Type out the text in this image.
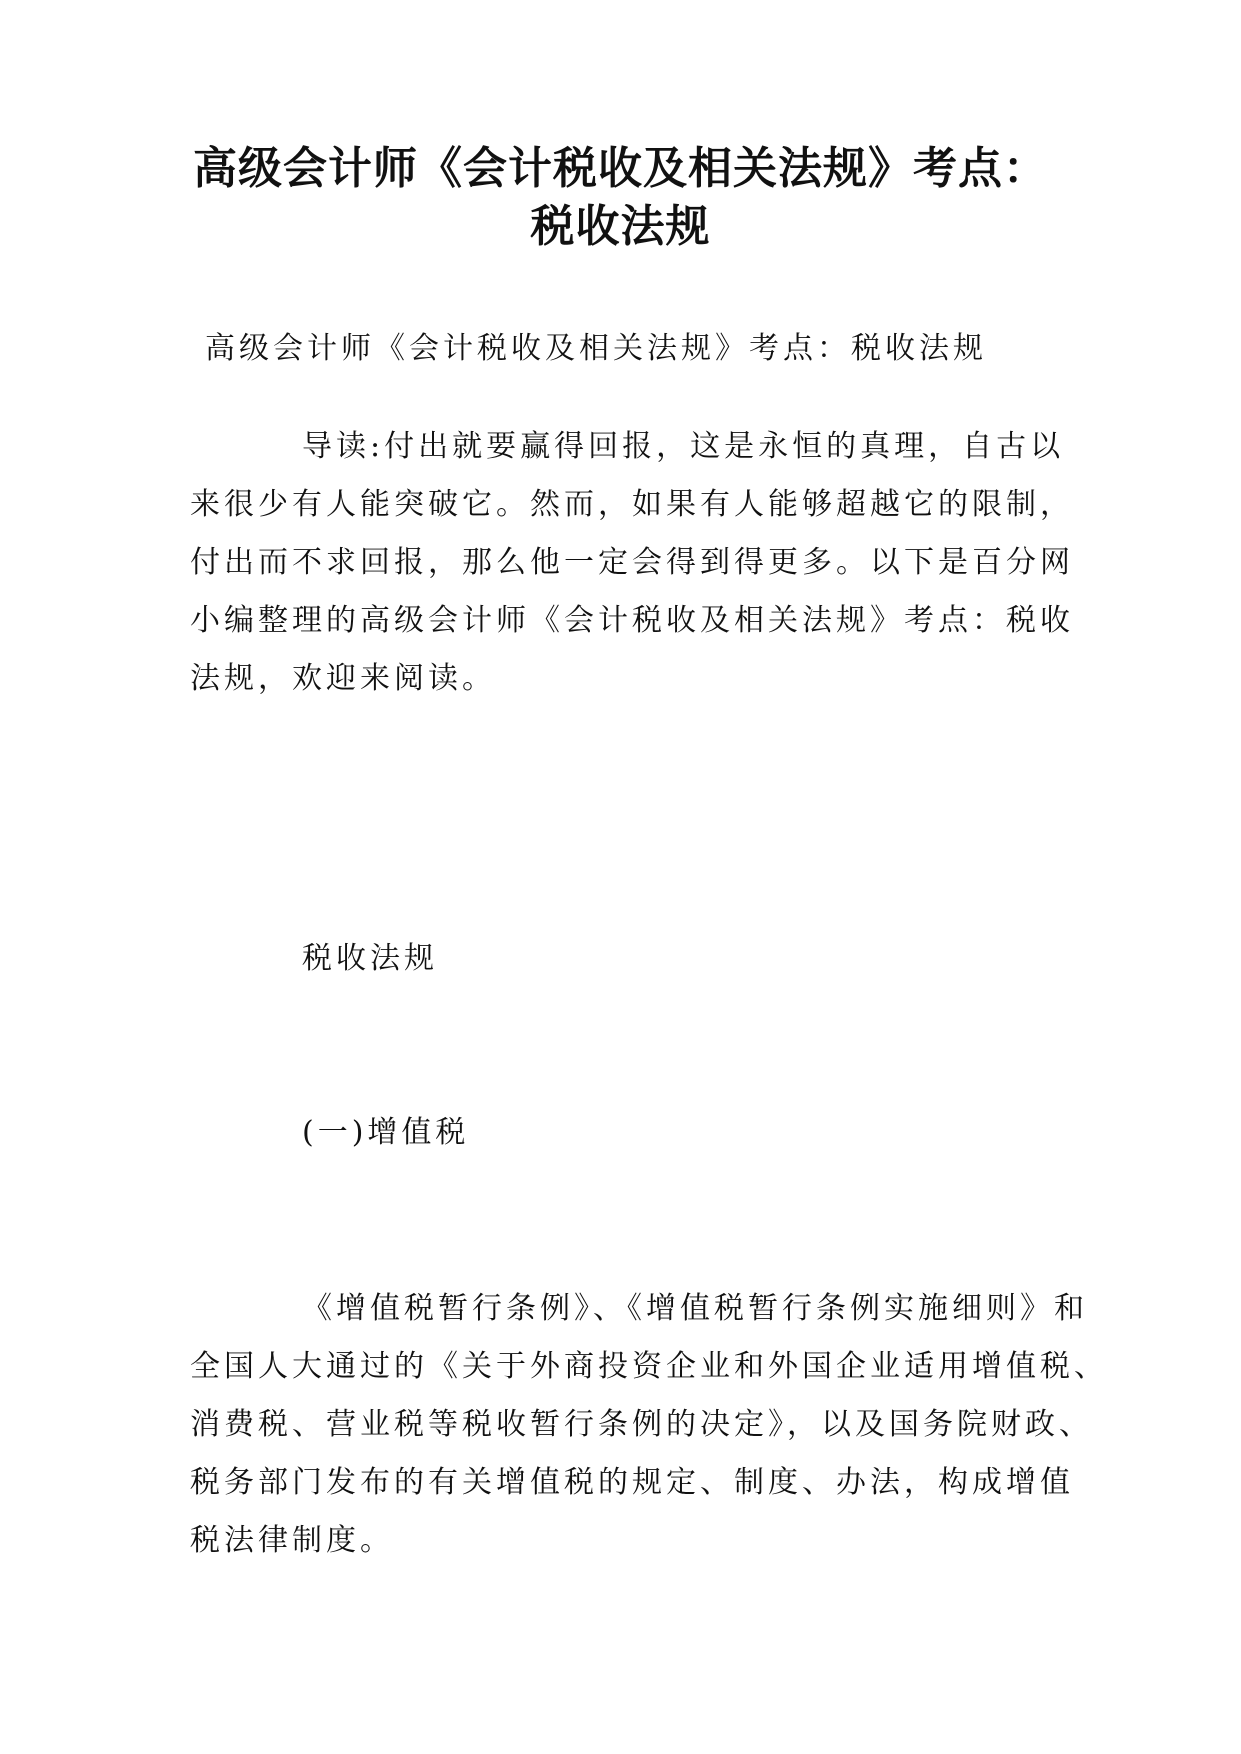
高级会计师《会计税收及相关法规》考点：
税收法规

高级会计师《会计税收及相关法规》考点：税收法规

导读:付出就要赢得回报，这是永恒的真理，自古以
来很少有人能突破它。然而，如果有人能够超越它的限制，
付出而不求回报，那么他一定会得到得更多。以下是百分网
小编整理的高级会计师《会计税收及相关法规》考点：税收
法规，欢迎来阅读。

税收法规

(一)增值税

《增值税暂行条例》、《增值税暂行条例实施细则》和
全国人大通过的《关于外商投资企业和外国企业适用增值税、
消费税、营业税等税收暂行条例的决定》，以及国务院财政、
税务部门发布的有关增值税的规定、制度、办法，构成增值
税法律制度。
